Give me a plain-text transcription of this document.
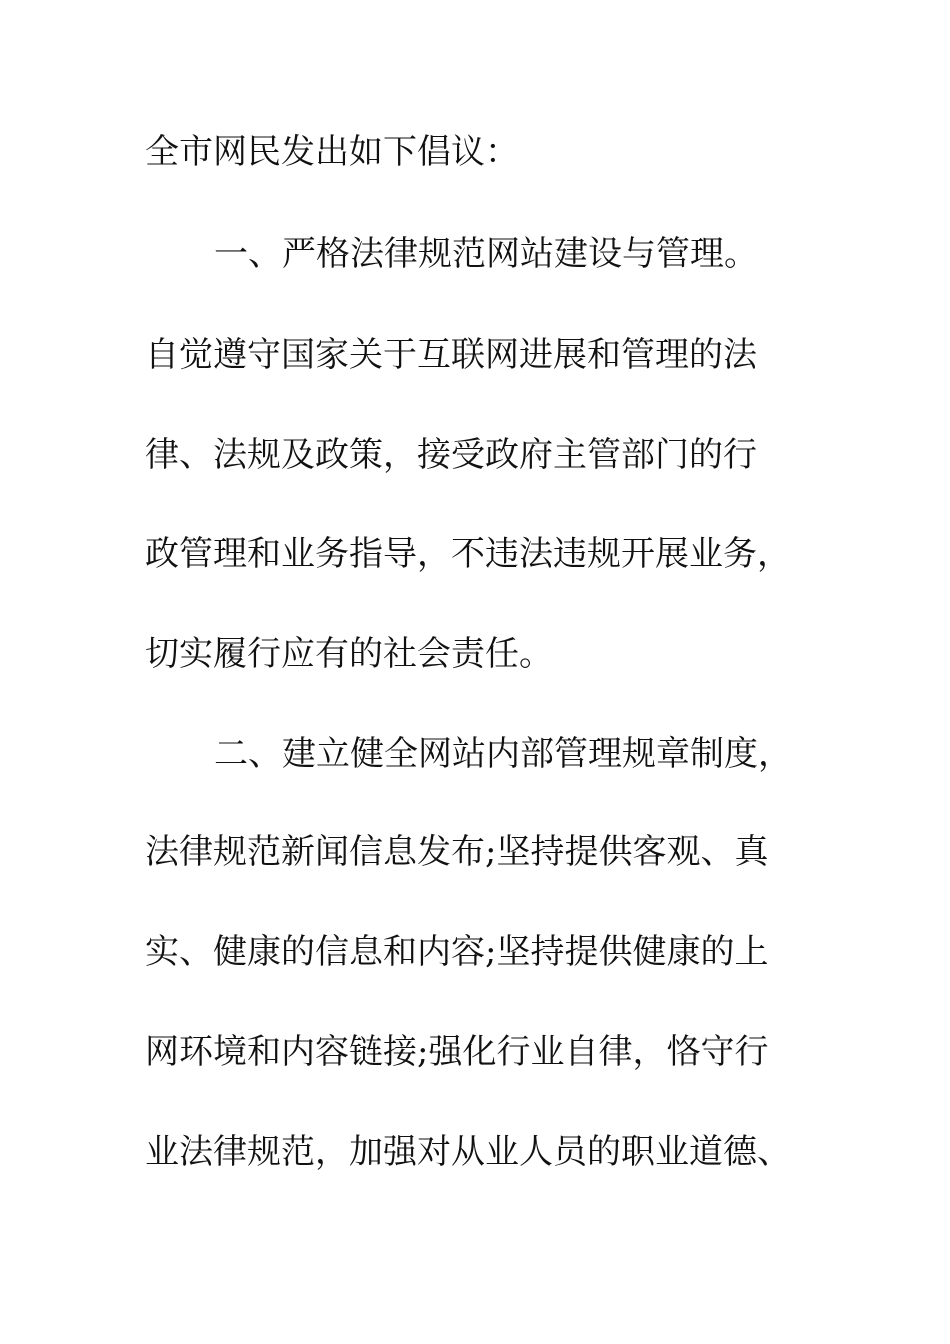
全市网民发出如下倡议：
一、严格法律规范网站建设与管理。
自觉遵守国家关于互联网进展和管理的法
律、法规及政策，接受政府主管部门的行
政管理和业务指导，不违法违规开展业务，
切实履行应有的社会责任。
二、建立健全网站内部管理规章制度，
法律规范新闻信息发布;坚持提供客观、真
实、健康的信息和内容;坚持提供健康的上
网环境和内容链接;强化行业自律，恪守行
业法律规范，加强对从业人员的职业道德、
